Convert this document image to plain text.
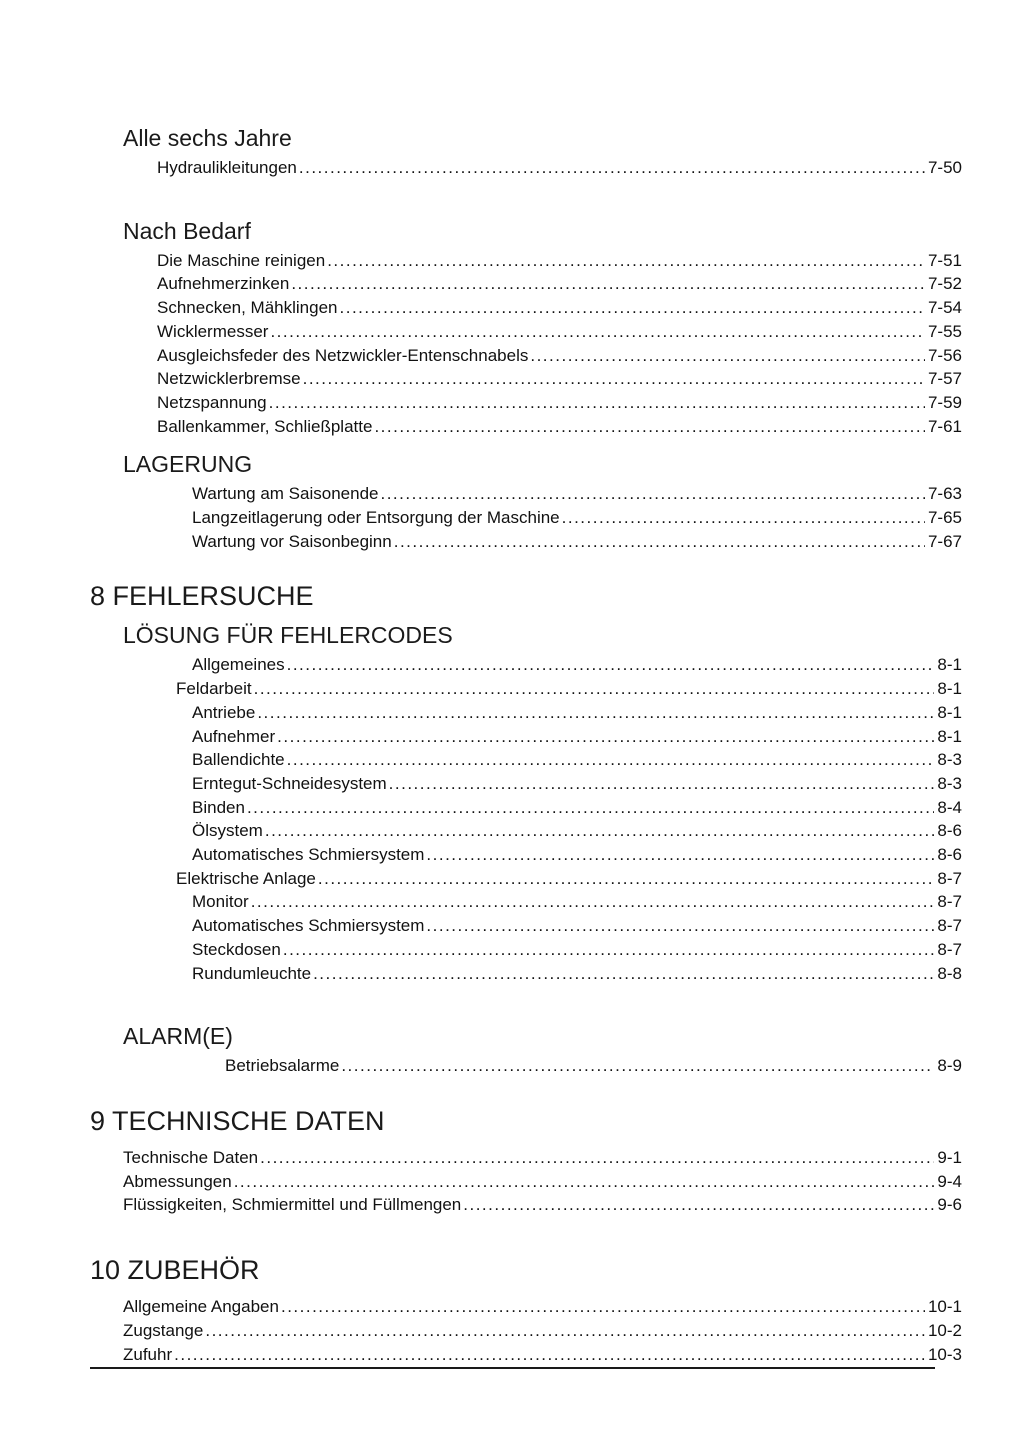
Alle sechs Jahre
Hydraulikleitungen .....	7-50
Nach Bedarf
Die Maschine reinigen .....	7-51
Aufnehmerzinken .....	7-52
Schnecken, Mähklingen .....	7-54
Wicklermesser .....	7-55
Ausgleichsfeder des Netzwickler-Entenschnabels .....	7-56
Netzwicklerbremse .....	7-57
Netzspannung .....	7-59
Ballenkammer, Schließplatte .....	7-61
LAGERUNG
Wartung am Saisonende .....	7-63
Langzeitlagerung oder Entsorgung der Maschine .....	7-65
Wartung vor Saisonbeginn .....	7-67
8 FEHLERSUCHE
LÖSUNG FÜR FEHLERCODES
Allgemeines .....	8-1
Feldarbeit .....	8-1
Antriebe .....	8-1
Aufnehmer .....	8-1
Ballendichte .....	8-3
Erntegut-Schneidesystem .....	8-3
Binden .....	8-4
Ölsystem .....	8-6
Automatisches Schmiersystem .....	8-6
Elektrische Anlage .....	8-7
Monitor .....	8-7
Automatisches Schmiersystem .....	8-7
Steckdosen .....	8-7
Rundumleuchte .....	8-8
ALARM(E)
Betriebsalarme .....	8-9
9 TECHNISCHE DATEN
Technische Daten .....	9-1
Abmessungen .....	9-4
Flüssigkeiten, Schmiermittel und Füllmengen .....	9-6
10 ZUBEHÖR
Allgemeine Angaben .....	10-1
Zugstange .....	10-2
Zufuhr .....	10-3
